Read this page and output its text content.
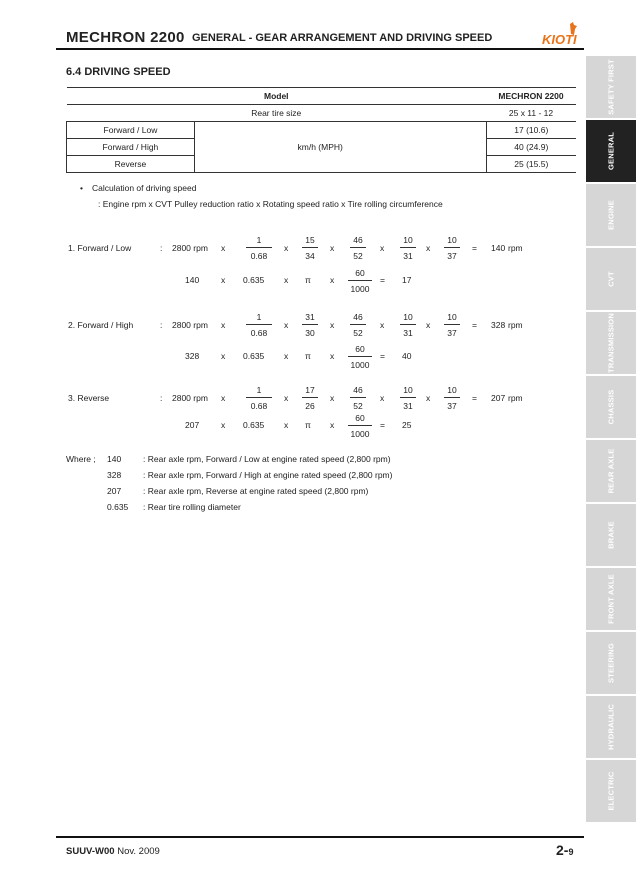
MECHRON 2200 GENERAL - GEAR ARRANGEMENT AND DRIVING SPEED	KIOTI
6.4 DRIVING SPEED
Model		MECHRON 2200
Rear tire size		25 x 11 - 12
Forward / Low	km/h (MPH)	17 (10.6)
Forward / High		40 (24.9)
Reverse		25 (15.5)
• Calculation of driving speed
: Engine rpm x CVT Pulley reduction ratio x Rotating speed ratio x Tire rolling circumference
1. Forward / Low	: 2800 rpm x $\frac{1}{0.68}$ x $\frac{15}{34}$ x $\frac{46}{52}$ x $\frac{10}{31}$ x $\frac{10}{37} = 140$ rpm
140	x 0.635 x π x $\frac{60}{1000} = 17$
2. Forward / High	: 2800 rpm x $\frac{1}{0.68}$ x $\frac{31}{30}$ x $\frac{46}{52}$ x $\frac{10}{31}$ x $\frac{10}{37} = 328$ rpm
328	x 0.635 x π x $\frac{60}{1000} = 40$
3. Reverse	: 2800 rpm x $\frac{1}{0.68}$ x $\frac{17}{26}$ x $\frac{46}{52}$ x $\frac{10}{31}$ x $\frac{10}{37} = 207$ rpm
207	x 0.635 x π x $\frac{60}{1000} = 25$
Where ; 140	: Rear axle rpm, Forward / Low at engine rated speed (2,800 rpm)
328	: Rear axle rpm, Forward / High at engine rated speed (2,800 rpm)
207	: Rear axle rpm, Reverse at engine rated speed (2,800 rpm)
0.635 : Rear tire rolling diameter
SAFETY FIRST
GENERAL
ENGINE
CVT
TRANSMISSION
CHASSIS
REAR AXLE
BRAKE
FRONT AXLE
STEERING
HYDRAULIC
ELECTRIC
SUUV-W00 Nov. 2009	2-9
